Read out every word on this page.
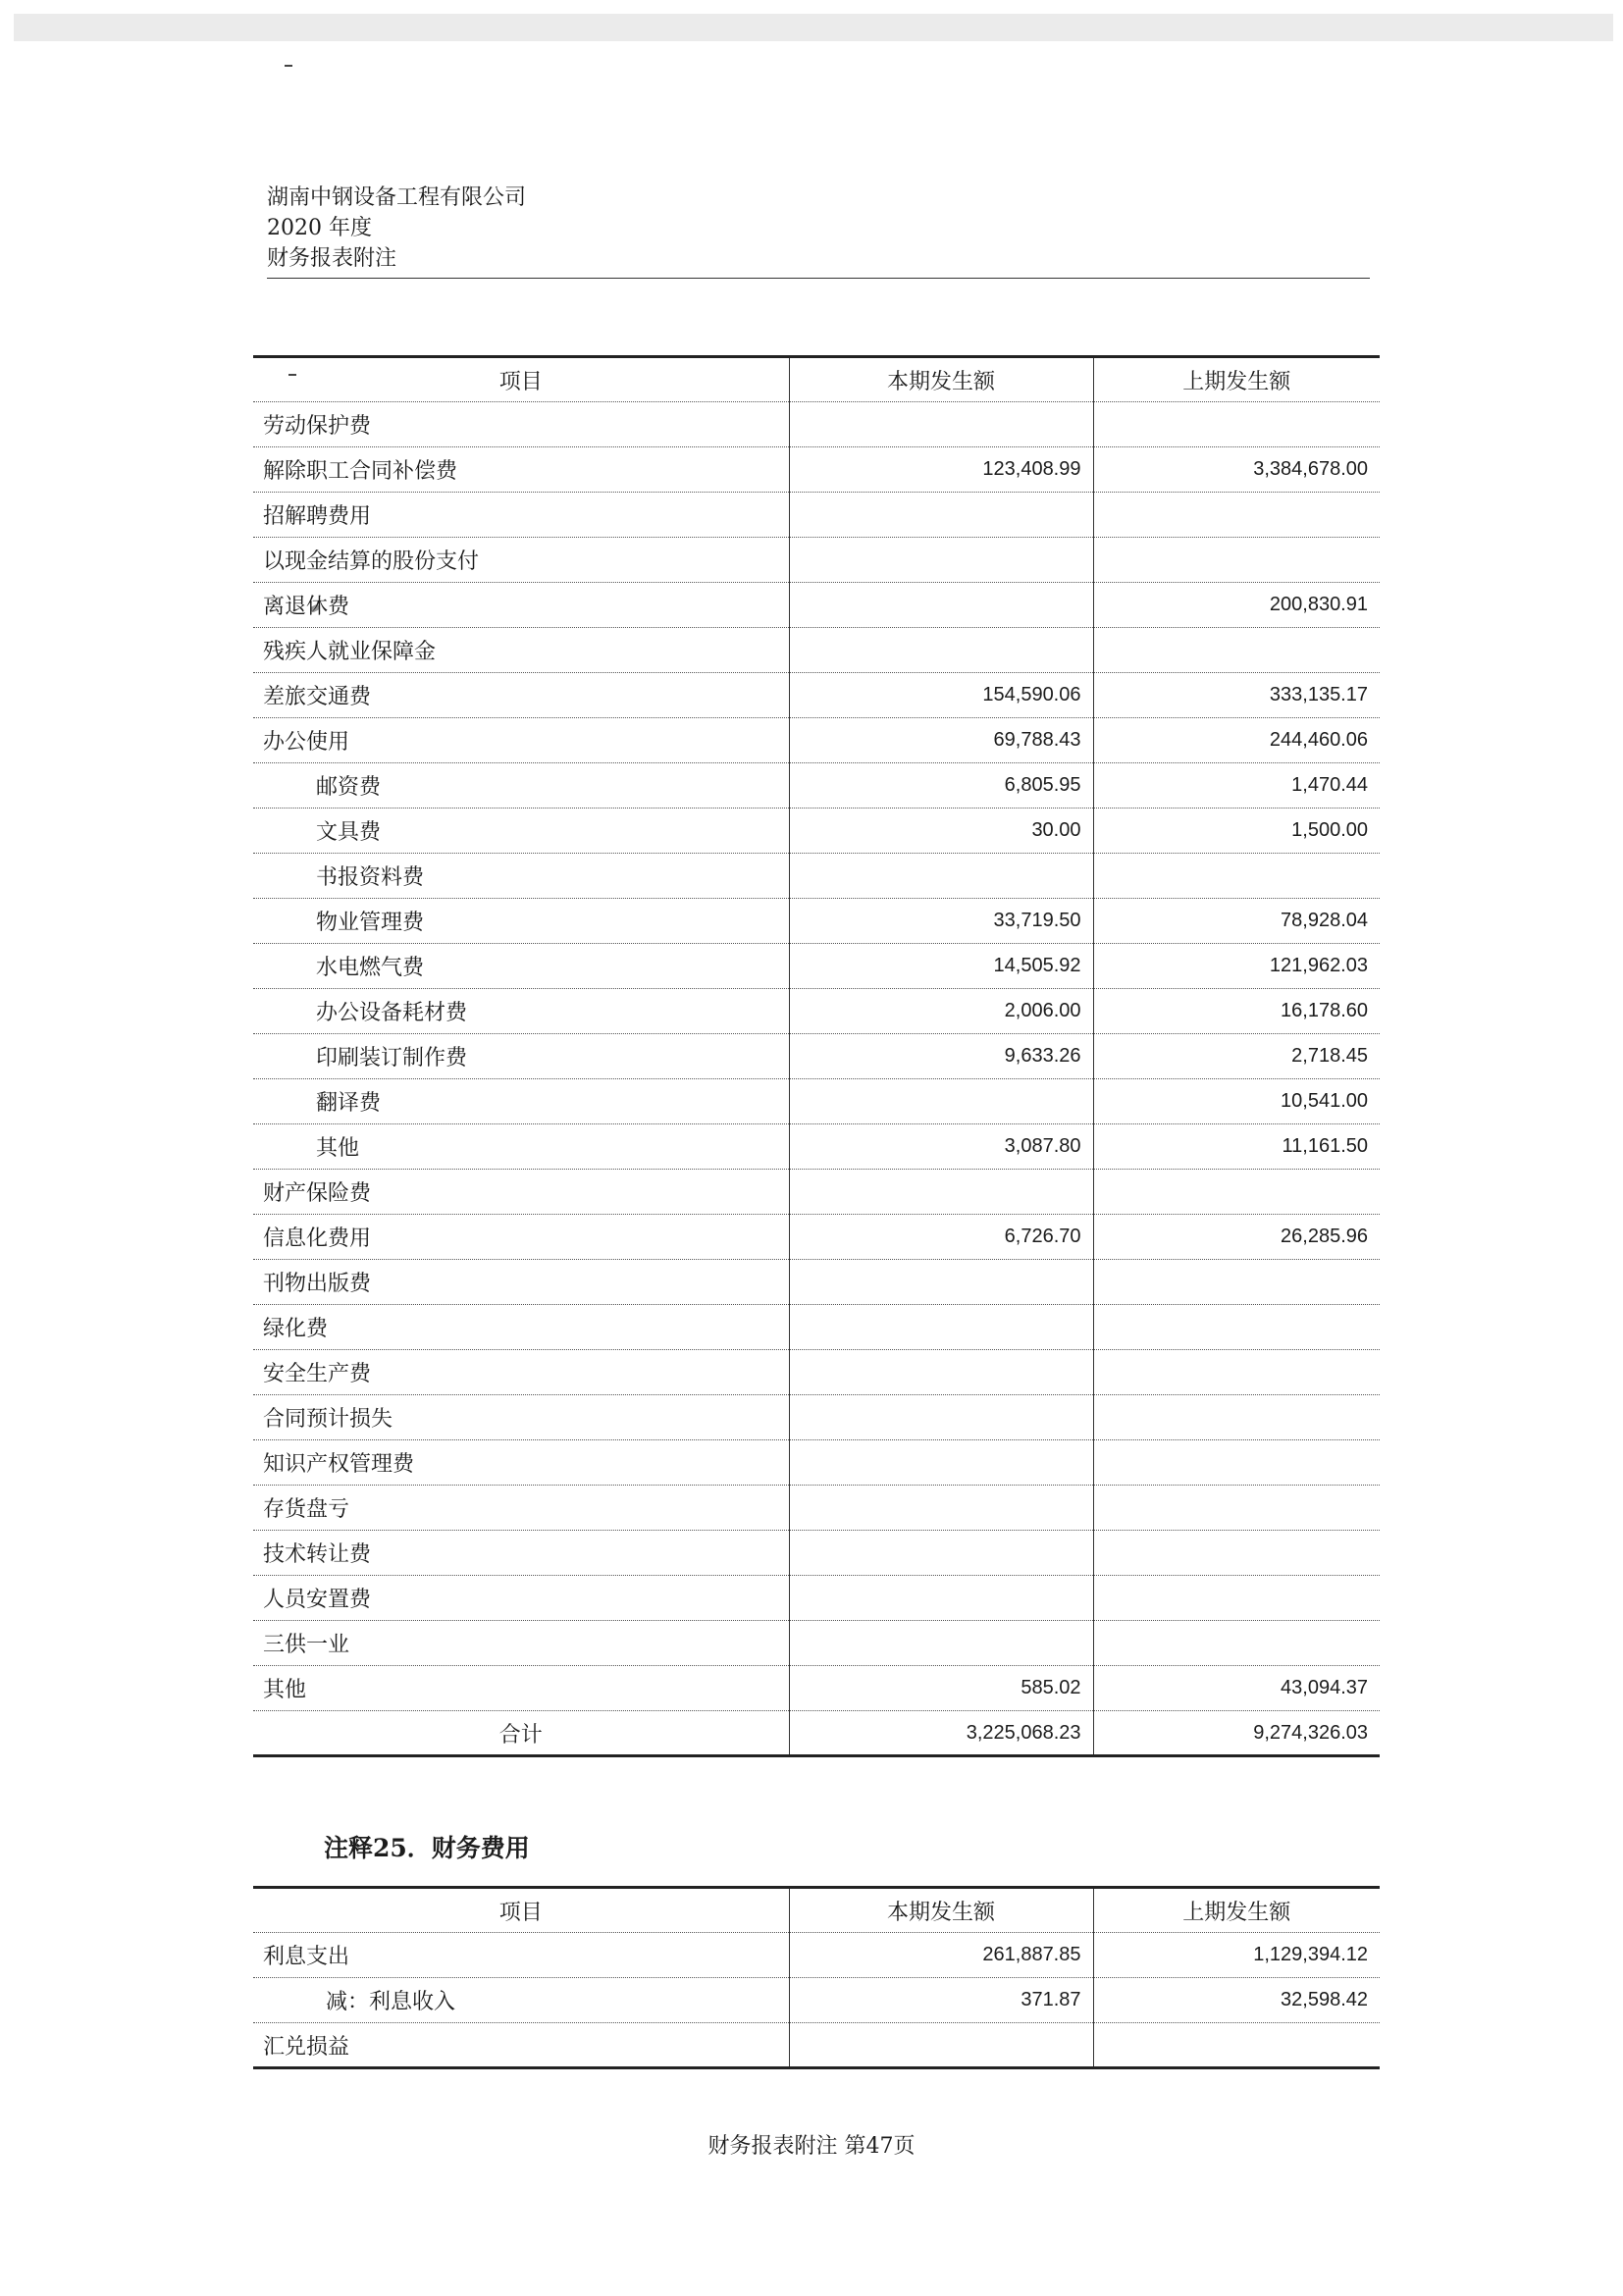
湖南中钢设备工程有限公司
2020 年度
财务报表附注
项目	本期发生额	上期发生额
劳动保护费		
解除职工合同补偿费	123,408.99	3,384,678.00
招解聘费用		
以现金结算的股份支付		
离退休费		200,830.91
残疾人就业保障金		
差旅交通费	154,590.06	333,135.17
办公使用	69,788.43	244,460.06
邮资费	6,805.95	1,470.44
文具费	30.00	1,500.00
书报资料费		
物业管理费	33,719.50	78,928.04
水电燃气费	14,505.92	121,962.03
办公设备耗材费	2,006.00	16,178.60
印刷装订制作费	9,633.26	2,718.45
翻译费		10,541.00
其他	3,087.80	11,161.50
财产保险费		
信息化费用	6,726.70	26,285.96
刊物出版费		
绿化费		
安全生产费		
合同预计损失		
知识产权管理费		
存货盘亏		
技术转让费		
人员安置费		
三供一业		
其他	585.02	43,094.37
合计	3,225,068.23	9,274,326.03
注释25．财务费用
项目	本期发生额	上期发生额
利息支出	261,887.85	1,129,394.12
减：利息收入	371.87	32,598.42
汇兑损益		
财务报表附注 第47页
